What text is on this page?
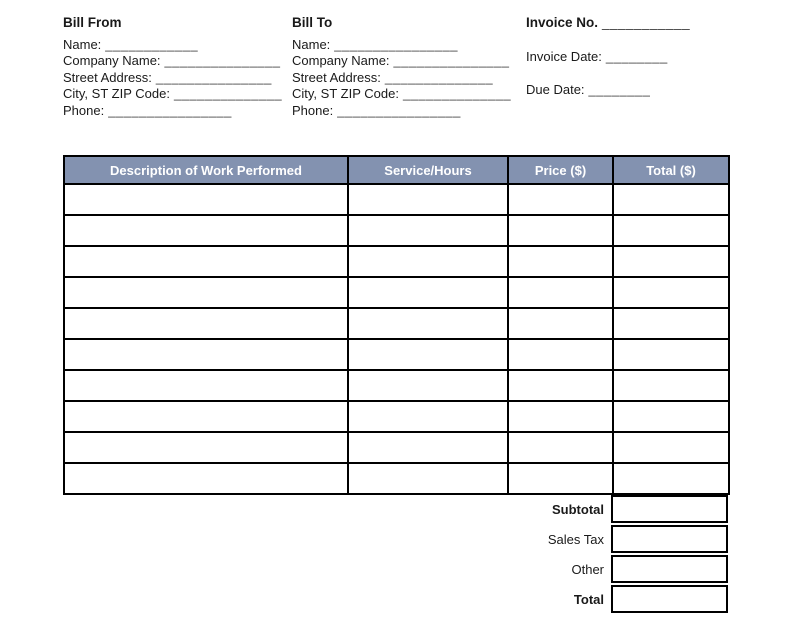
Bill From
Name: ____________
Company Name: _______________
Street Address: _______________
City, ST ZIP Code: ______________
Phone: ________________
Bill To
Name: ________________
Company Name: _______________
Street Address: ______________
City, ST ZIP Code: ______________
Phone: ________________
Invoice No. ___________
Invoice Date: ________
Due Date: ________
Description of Work Performed	Service/Hours	Price ($)	Total ($)

Subtotal
Sales Tax
Other
Total
